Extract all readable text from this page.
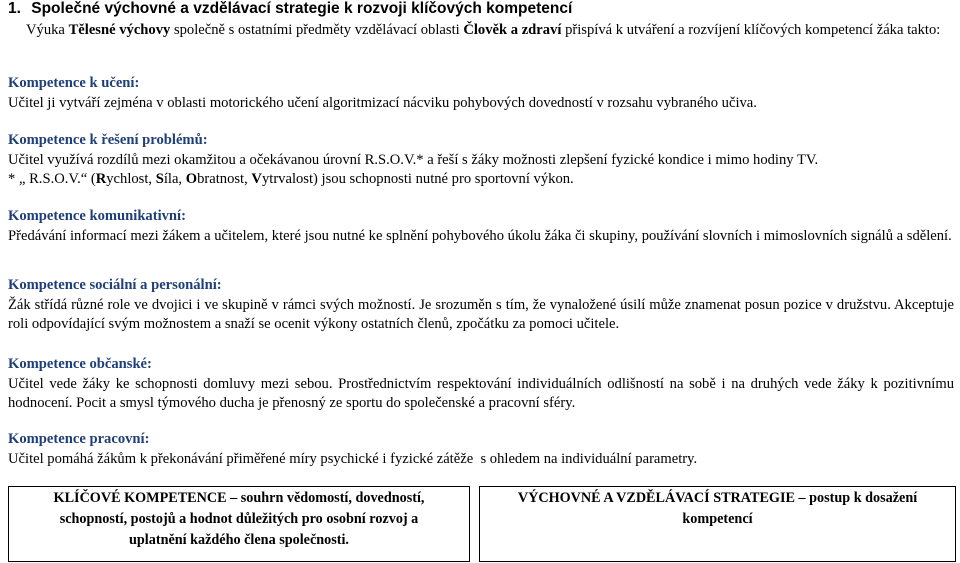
1. Společné výchovné a vzdělávací strategie k rozvoji klíčových kompetencí
Výuka Tělesné výchovy společně s ostatními předměty vzdělávací oblasti Člověk a zdraví přispívá k utváření a rozvíjení klíčových kompetencí žáka takto:
Kompetence k učení:
Učitel ji vytváří zejména v oblasti motorického učení algoritmizací nácviku pohybových dovedností v rozsahu vybraného učiva.
Kompetence k řešení problémů:
Učitel využívá rozdílů mezi okamžitou a očekávanou úrovní R.S.O.V.* a řeší s žáky možnosti zlepšení fyzické kondice i mimo hodiny TV.
* „ R.S.O.V.“ (Rychlost, Síla, Obratnost, Vytrvalost) jsou schopnosti nutné pro sportovní výkon.
Kompetence komunikativní:
Předávání informací mezi žákem a učitelem, které jsou nutné ke splnění pohybového úkolu žáka či skupiny, používání slovních i mimoslovních signálů a sdělení.
Kompetence sociální a personální:
Žák střídá různé role ve dvojici i ve skupině v rámci svých možností. Je srozuměn s tím, že vynaložené úsilí může znamenat posun pozice v družstvu. Akceptuje roli odpovídající svým možnostem a snaží se ocenit výkony ostatních členů, zpočátku za pomoci učitele.
Kompetence občanské:
Učitel vede žáky ke schopnosti domluvy mezi sebou. Prostřednictvím respektování individuálních odlišností na sobě i na druhých vede žáky k pozitivnímu hodnocení. Pocit a smysl týmového ducha je přenosný ze sportu do společenské a pracovní sféry.
Kompetence pracovní:
Učitel pomáhá žákům k překonávání přiměřené míry psychické i fyzické zátěže  s ohledem na individuální parametry.
KLÍČOVÉ KOMPETENCE – souhrn vědomostí, dovedností, schopností, postojů a hodnot důležitých pro osobní rozvoj a uplatnění každého člena společnosti.
VÝCHOVNÉ A VZDĚLÁVACÍ STRATEGIE – postup k dosažení kompetencí
